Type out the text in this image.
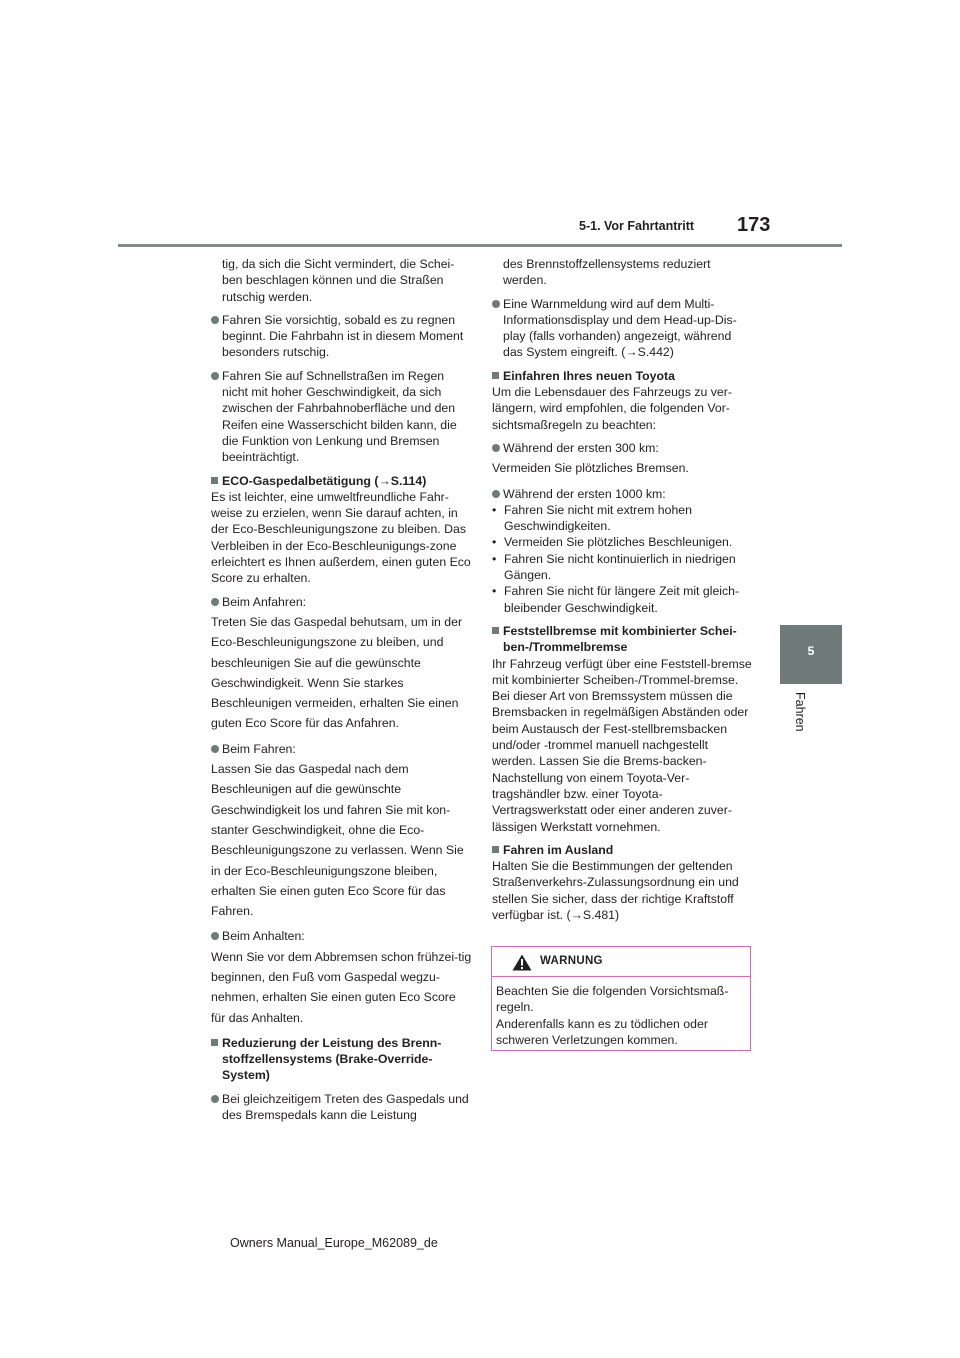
5-1. Vor Fahrtantritt 173
5
Fahren
tig, da sich die Sicht vermindert, die Schei-ben beschlagen können und die Straßen rutschig werden.
Fahren Sie vorsichtig, sobald es zu regnen beginnt. Die Fahrbahn ist in diesem Moment besonders rutschig.
Fahren Sie auf Schnellstraßen im Regen nicht mit hoher Geschwindigkeit, da sich zwischen der Fahrbahnoberfläche und den Reifen eine Wasserschicht bilden kann, die die Funktion von Lenkung und Bremsen beeinträchtigt.
ECO-Gaspedalbetätigung (→S.114)
Es ist leichter, eine umweltfreundliche Fahr-weise zu erzielen, wenn Sie darauf achten, in der Eco-Beschleunigungszone zu bleiben. Das Verbleiben in der Eco-Beschleunigungs-zone erleichtert es Ihnen außerdem, einen guten Eco Score zu erhalten.
Beim Anfahren:
Treten Sie das Gaspedal behutsam, um in der Eco-Beschleunigungszone zu bleiben, und beschleunigen Sie auf die gewünschte Geschwindigkeit. Wenn Sie starkes Beschleunigen vermeiden, erhalten Sie einen guten Eco Score für das Anfahren.
Beim Fahren:
Lassen Sie das Gaspedal nach dem Beschleunigen auf die gewünschte Geschwindigkeit los und fahren Sie mit kon-stanter Geschwindigkeit, ohne die Eco-Beschleunigungszone zu verlassen. Wenn Sie in der Eco-Beschleunigungszone bleiben, erhalten Sie einen guten Eco Score für das Fahren.
Beim Anhalten:
Wenn Sie vor dem Abbremsen schon frühzei-tig beginnen, den Fuß vom Gaspedal wegzu-nehmen, erhalten Sie einen guten Eco Score für das Anhalten.
Reduzierung der Leistung des Brenn-stoffzellensystems (Brake-Override-System)
Bei gleichzeitigem Treten des Gaspedals und des Bremspedals kann die Leistung
des Brennstoffzellensystems reduziert werden.
Eine Warnmeldung wird auf dem Multi-Informationsdisplay und dem Head-up-Dis-play (falls vorhanden) angezeigt, während das System eingreift. (→S.442)
Einfahren Ihres neuen Toyota
Um die Lebensdauer des Fahrzeugs zu ver-längern, wird empfohlen, die folgenden Vor-sichtsmaßregeln zu beachten:
Während der ersten 300 km:
Vermeiden Sie plötzliches Bremsen.
Während der ersten 1000 km:
• Fahren Sie nicht mit extrem hohen Geschwindigkeiten.
• Vermeiden Sie plötzliches Beschleunigen.
• Fahren Sie nicht kontinuierlich in niedrigen Gängen.
• Fahren Sie nicht für längere Zeit mit gleich-bleibender Geschwindigkeit.
Feststellbremse mit kombinierter Schei-ben-/Trommelbremse
Ihr Fahrzeug verfügt über eine Feststell-bremse mit kombinierter Scheiben-/Trommel-bremse. Bei dieser Art von Bremssystem müssen die Bremsbacken in regelmäßigen Abständen oder beim Austausch der Fest-stellbremsbacken und/oder -trommel manuell nachgestellt werden. Lassen Sie die Brems-backen-Nachstellung von einem Toyota-Ver-tragshändler bzw. einer Toyota-Vertragswerkstatt oder einer anderen zuver-lässigen Werkstatt vornehmen.
Fahren im Ausland
Halten Sie die Bestimmungen der geltenden Straßenverkehrs-Zulassungsordnung ein und stellen Sie sicher, dass der richtige Kraftstoff verfügbar ist. (→S.481)
WARNUNG
Beachten Sie die folgenden Vorsichtsmaß-regeln.
Anderenfalls kann es zu tödlichen oder schweren Verletzungen kommen.
Owners Manual_Europe_M62089_de
